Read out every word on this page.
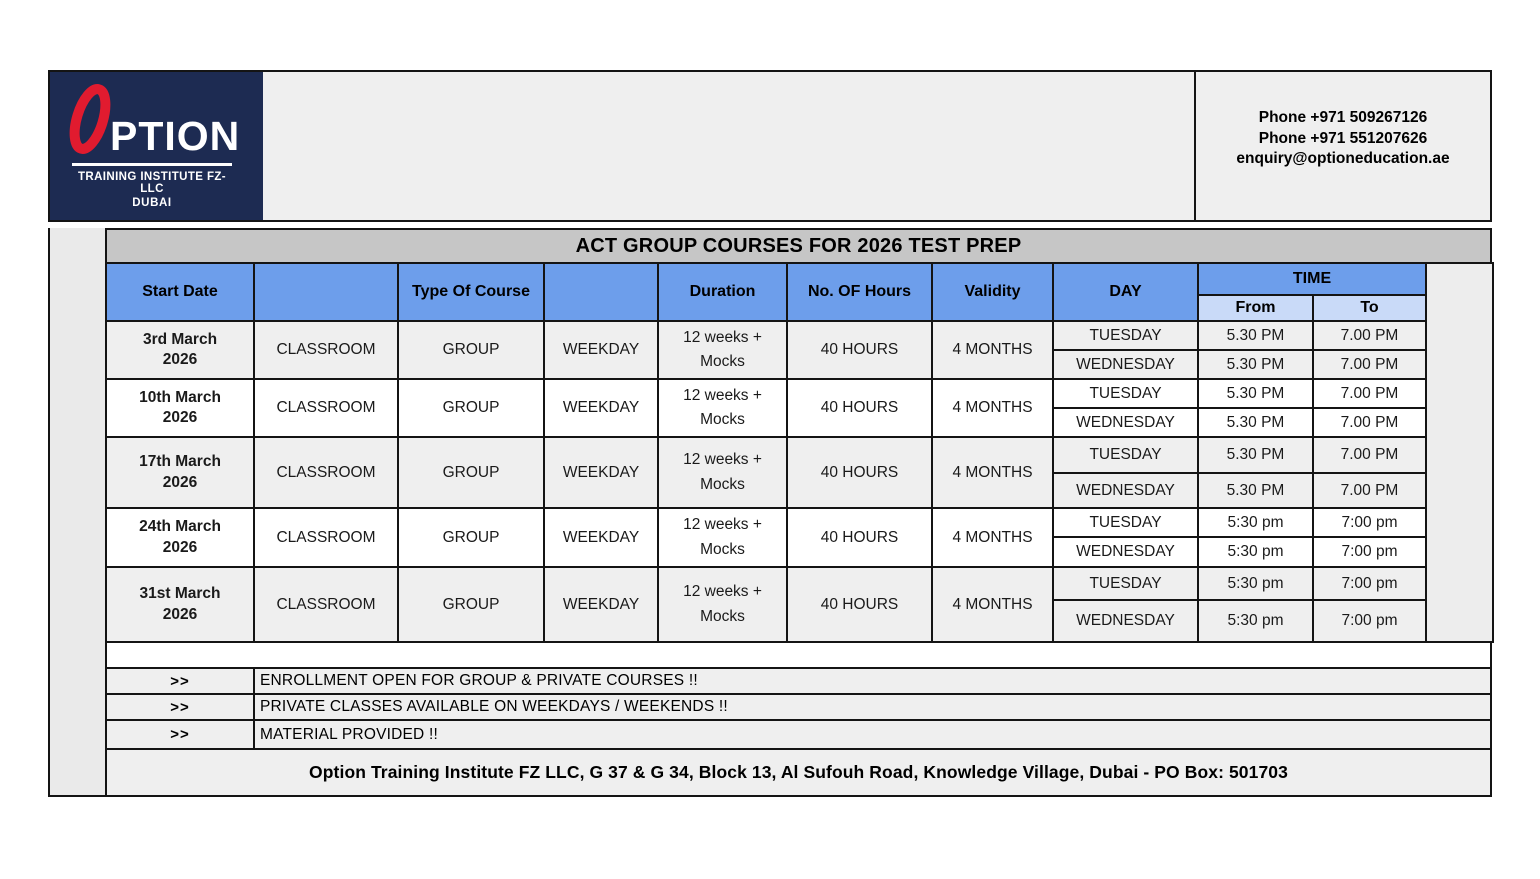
PTION
TRAINING INSTITUTE FZ-LLC
DUBAI
Phone +971 509267126
Phone +971 551207626
enquiry@optioneducation.ae
ACT GROUP COURSES FOR 2026 TEST PREP
Start Date		Type Of Course		Duration	No. OF Hours	Validity	DAY	TIME		
								From	To	
3rd March 2026	CLASSROOM	GROUP	WEEKDAY	12 weeks + Mocks	40 HOURS	4 MONTHS	TUESDAY	5.30 PM	7.00 PM	
							WEDNESDAY	5.30 PM	7.00 PM	
10th March 2026	CLASSROOM	GROUP	WEEKDAY	12 weeks + Mocks	40 HOURS	4 MONTHS	TUESDAY	5.30 PM	7.00 PM	
							WEDNESDAY	5.30 PM	7.00 PM	
17th March 2026	CLASSROOM	GROUP	WEEKDAY	12 weeks + Mocks	40 HOURS	4 MONTHS	TUESDAY	5.30 PM	7.00 PM	
							WEDNESDAY	5.30 PM	7.00 PM	
24th March 2026	CLASSROOM	GROUP	WEEKDAY	12 weeks + Mocks	40 HOURS	4 MONTHS	TUESDAY	5:30 pm	7:00 pm	
							WEDNESDAY	5:30 pm	7:00 pm	
31st March 2026	CLASSROOM	GROUP	WEEKDAY	12 weeks + Mocks	40 HOURS	4 MONTHS	TUESDAY	5:30 pm	7:00 pm	
							WEDNESDAY	5:30 pm	7:00 pm	
>>	ENROLLMENT OPEN FOR GROUP & PRIVATE COURSES !!
>>	PRIVATE CLASSES AVAILABLE ON WEEKDAYS / WEEKENDS !!
>>	MATERIAL PROVIDED !!
Option Training Institute FZ LLC, G 37 & G 34, Block 13, Al Sufouh Road, Knowledge Village, Dubai - PO Box: 501703
